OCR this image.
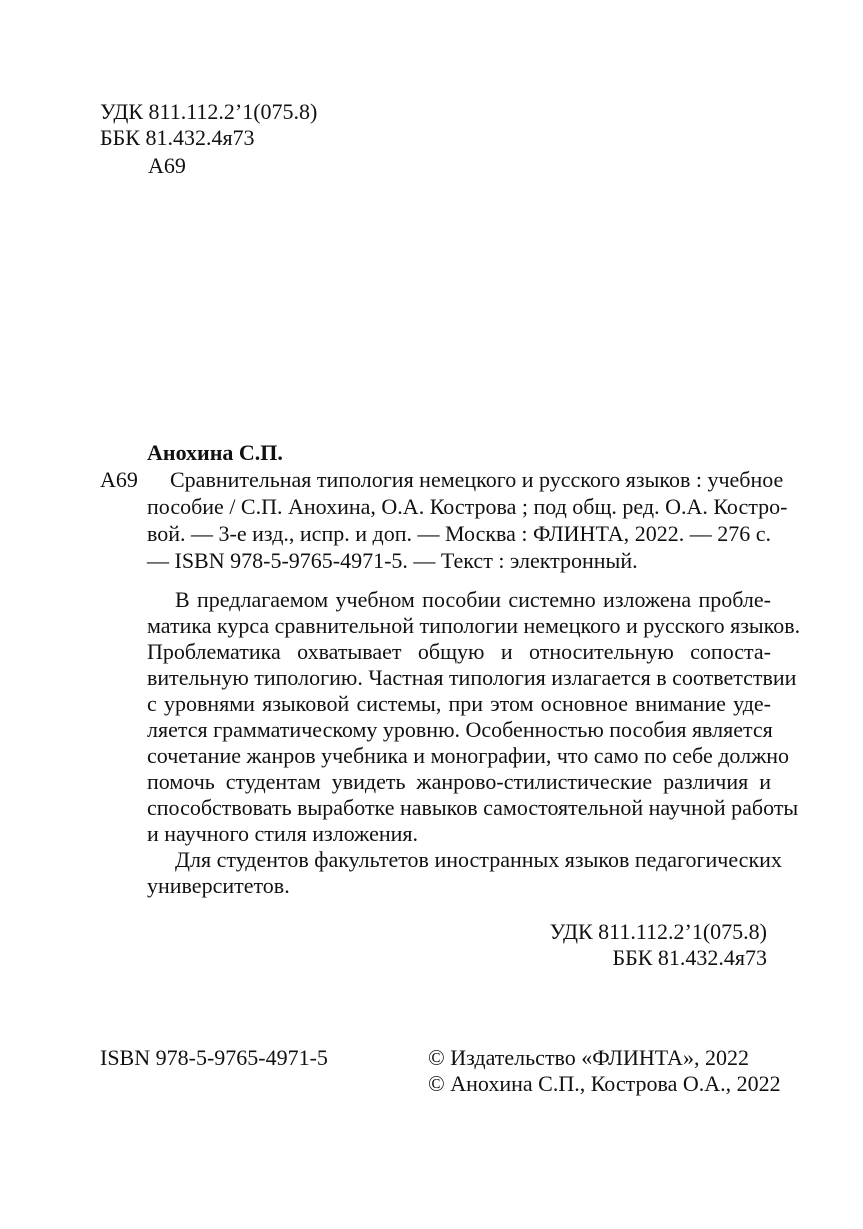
УДК 811.112.2’1(075.8)
ББК 81.432.4я73
А69
Анохина С.П.
А69 Сравнительная типология немецкого и русского языков : учебное
пособие / С.П. Анохина, О.А. Кострова ; под общ. ред. О.А. Костро-
вой. — 3-е изд., испр. и доп. — Москва : ФЛИНТА, 2022. — 276 с.
— ISBN 978-5-9765-4971-5. — Текст : электронный.
В предлагаемом учебном пособии системно изложена пробле-
матика курса сравнительной типологии немецкого и русского языков.
Проблематика охватывает общую и относительную сопоста-
вительную типологию. Частная типология излагается в соответствии
с уровнями языковой системы, при этом основное внимание уде-
ляется грамматическому уровню. Особенностью пособия является
сочетание жанров учебника и монографии, что само по себе должно
помочь студентам увидеть жанрово-стилистические различия и
способствовать выработке навыков самостоятельной научной работы
и научного стиля изложения.
Для студентов факультетов иностранных языков педагогических
университетов.
УДК 811.112.2’1(075.8)
ББК 81.432.4я73
ISBN 978-5-9765-4971-5	© Издательство «ФЛИНТА», 2022
© Анохина С.П., Кострова О.А., 2022
